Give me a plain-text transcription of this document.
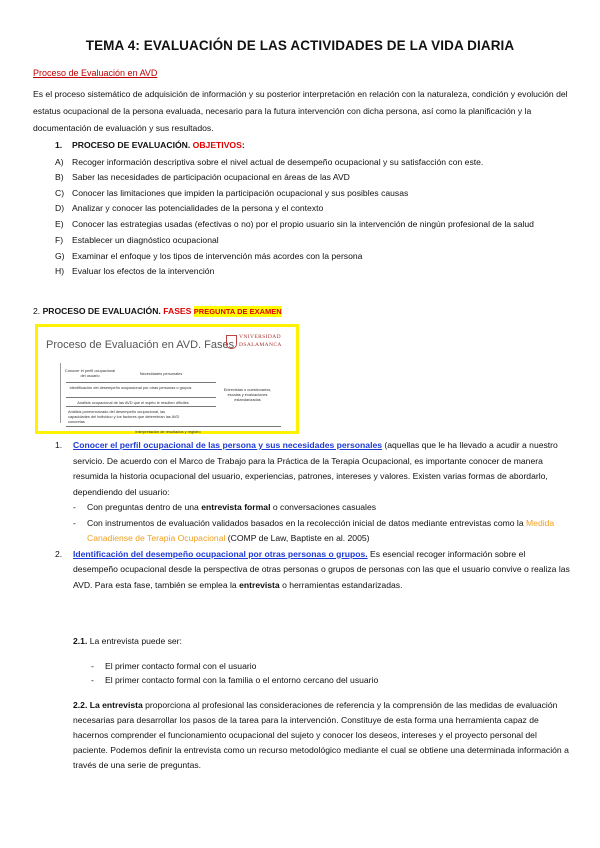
TEMA 4: EVALUACIÓN DE LAS ACTIVIDADES DE LA VIDA DIARIA
Proceso de Evaluación en AVD
Es el proceso sistemático de adquisición de información y su posterior interpretación en relación con la naturaleza, condición y evolución del estatus ocupacional de la persona evaluada, necesario para la futura intervención con dicha persona, así como la planificación y la documentación de evaluación y sus resultados.
1. PROCESO DE EVALUACIÓN. OBJETIVOS:
A) Recoger información descriptiva sobre el nivel actual de desempeño ocupacional y su satisfacción con este.
B) Saber las necesidades de participación ocupacional en áreas de las AVD
C) Conocer las limitaciones que impiden la participación ocupacional y sus posibles causas
D) Analizar y conocer las potencialidades de la persona y el contexto
E) Conocer las estrategias usadas (efectivas o no) por el propio usuario sin la intervención de ningún profesional de la salud
F) Establecer un diagnóstico ocupacional
G) Examinar el enfoque y los tipos de intervención más acordes con la persona
H) Evaluar los efectos de la intervención
2. PROCESO DE EVALUACIÓN. FASES PREGUNTA DE EXAMEN
Proceso de Evaluación en AVD. Fases
VNIVERSIDAD
DSALAMANCA
Conocer el perfil ocupacional del usuario	Necesidades personales
Identificación del desempeño ocupacional por otras personas o grupos
Análisis ocupacional de las AVD que el sujeto le resulten difíciles
Análisis pormenorizado del desempeño ocupacional, las capacidades del individuo y los factores que determinan las AVD concretas
Interpretación de resultados y registro
Entrevistas o cuestionarios, escalas y evaluaciones estandarizadas
1. Conocer el perfil ocupacional de las persona y sus necesidades personales (aquellas que le ha llevado a acudir a nuestro servicio. De acuerdo con el Marco de Trabajo para la Práctica de la Terapia Ocupacional, es importante conocer de manera resumida la historia ocupacional del usuario, experiencias, patrones, intereses y valores. Existen varias formas de abordarlo, dependiendo del usuario:
- Con preguntas dentro de una entrevista formal o conversaciones casuales
- Con instrumentos de evaluación validados basados en la recolección inicial de datos mediante entrevistas como la Medida Canadiense de Terapia Ocupacional (COMP de Law, Baptiste en al. 2005)
2. Identificación del desempeño ocupacional por otras personas o grupos. Es esencial recoger información sobre el desempeño ocupacional desde la perspectiva de otras personas o grupos de personas con las que el usuario convive o realiza las AVD. Para esta fase, también se emplea la entrevista o herramientas estandarizadas.
2.1. La entrevista puede ser:
- El primer contacto formal con el usuario
- El primer contacto formal con la familia o el entorno cercano del usuario
2.2. La entrevista proporciona al profesional las consideraciones de referencia y la comprensión de las medidas de evaluación necesarias para desarrollar los pasos de la tarea para la intervención. Constituye de esta forma una herramienta capaz de hacernos comprender el funcionamiento ocupacional del sujeto y conocer los deseos, intereses y el proyecto personal del paciente. Podemos definir la entrevista como un recurso metodológico mediante el cual se obtiene una determinada información a través de una serie de preguntas.
